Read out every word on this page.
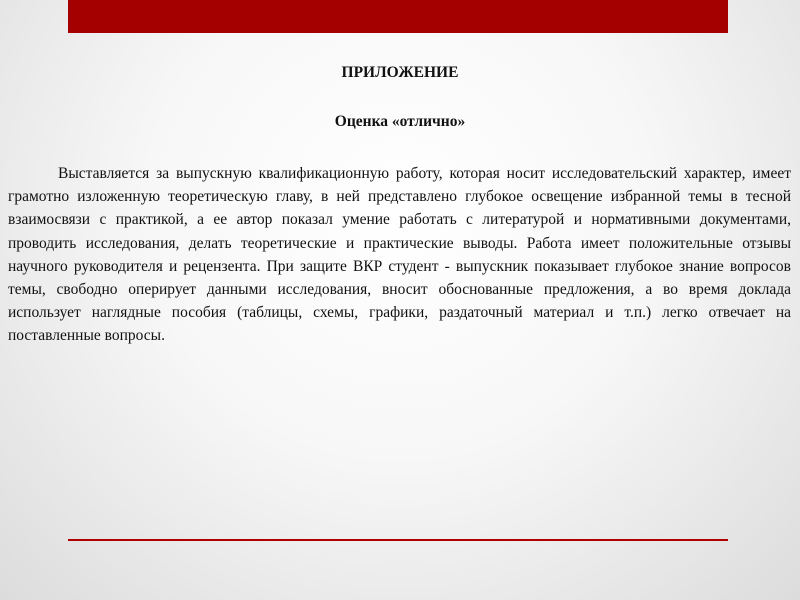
ПРИЛОЖЕНИЕ

Оценка «отлично»

Выставляется за выпускную квалификационную работу, которая носит исследовательский характер, имеет грамотно изложенную теоретическую главу, в ней представлено глубокое освещение избранной темы в тесной взаимосвязи с практикой, а ее автор показал умение работать с литературой и нормативными документами, проводить исследования, делать теоретические и практические выводы. Работа имеет положительные отзывы научного руководителя и рецензента. При защите ВКР студент - выпускник показывает глубокое знание вопросов темы, свободно оперирует данными исследования, вносит обоснованные предложения, а во время доклада использует наглядные пособия (таблицы, схемы, графики, раздаточный материал и т.п.) легко отвечает на поставленные вопросы.
